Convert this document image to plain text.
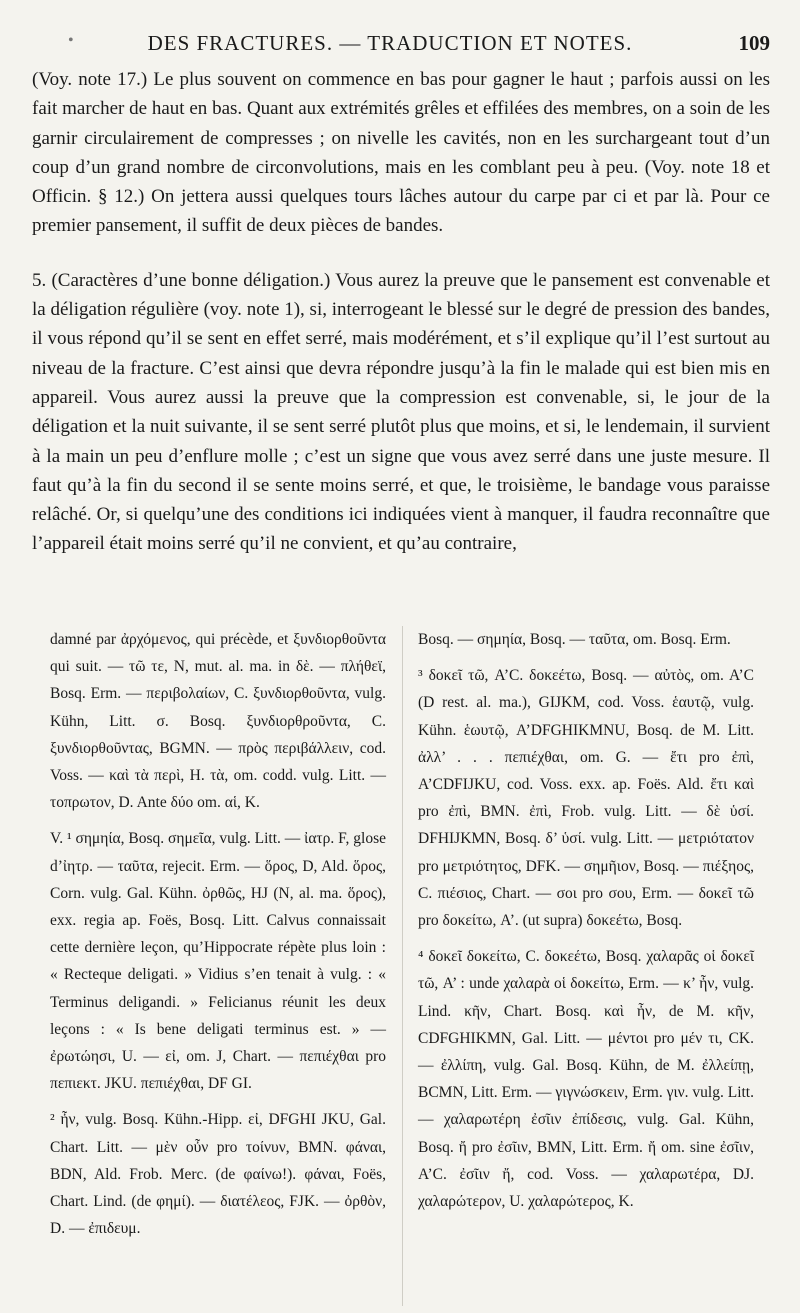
•	DES FRACTURES. — TRADUCTION ET NOTES.	109

(Voy. note 17.) Le plus souvent on commence en bas pour gagner le haut ; parfois aussi on les fait marcher de haut en bas. Quant aux extrémités grêles et effilées des membres, on a soin de les garnir circulairement de compresses ; on nivelle les cavités, non en les surchargeant tout d’un coup d’un grand nombre de circonvolutions, mais en les comblant peu à peu. (Voy. note 18 et Officin. § 12.) On jettera aussi quelques tours lâches autour du carpe par ci et par là. Pour ce premier pansement, il suffit de deux pièces de bandes.

5. (Caractères d’une bonne déligation.) Vous aurez la preuve que le pansement est convenable et la déligation régulière (voy. note 1), si, interrogeant le blessé sur le degré de pression des bandes, il vous répond qu’il se sent en effet serré, mais modérément, et s’il explique qu’il l’est surtout au niveau de la fracture. C’est ainsi que devra répondre jusqu’à la fin le malade qui est bien mis en appareil. Vous aurez aussi la preuve que la compression est convenable, si, le jour de la déligation et la nuit suivante, il se sent serré plutôt plus que moins, et si, le lendemain, il survient à la main un peu d’enflure molle ; c’est un signe que vous avez serré dans une juste mesure. Il faut qu’à la fin du second il se sente moins serré, et que, le troisième, le bandage vous paraisse relâché. Or, si quelqu’une des conditions ici indiquées vient à manquer, il faudra reconnaître que l’appareil était moins serré qu’il ne convient, et qu’au contraire,

damné par ἀρχόμενος, qui précède, et ξυνδιορθοῦντα qui suit. — τῶ τε, N, mut. al. ma. in δὲ. — πλήθεϊ, Bosq. Erm. — περιβολαίων, C. ξυνδιορθοῦντα, vulg. Kühn, Litt. σ. Bosq. ξυνδιορθροῦντα, C. ξυνδιορθοῦντας, BGMN. — πρὸς περιβάλλειν, cod. Voss. — καὶ τὰ περὶ, H. τὰ, om. codd. vulg. Litt. — τοπρωτον, D. Ante δύο om. αἱ, K.

V. ¹ σημηία, Bosq. σημεῖα, vulg. Litt. — ἰατρ. F, glose d’ἰητρ. — ταῦτα, rejecit. Erm. — ὅρος, D, Ald. ὅρος, Corn. vulg. Gal. Kühn. ὀρθῶς, HJ (N, al. ma. ὅρος), exx. regia ap. Foës, Bosq. Litt. Calvus connaissait cette dernière leçon, qu’Hippocrate répète plus loin : « Recteque deligati. » Vidius s’en tenait à vulg. : « Terminus deligandi. » Felicianus réunit les deux leçons : « Is bene deligati terminus est. » — ἐρωτώησι, U. — εἰ, om. J, Chart. — πεπιέχθαι pro πεπιεκτ. JKU. πεπιέχθαι, DF GI.

² ἦν, vulg. Bosq. Kühn.-Hipp. εἰ, DFGHI JKU, Gal. Chart. Litt. — μὲν οὖν pro τοίνυν, BMN. φάναι, BDN, Ald. Frob. Merc. (de φαίνω!). φάναι, Foës, Chart. Lind. (de φημί). — διατέλεος, FJK. — ὀρθὸν, D. — ἐπιδευμ.

Bosq. — σημηία, Bosq. — ταῦτα, om. Bosq. Erm.

³ δοκεῖ τῶ, A’C. δοκεέτω, Bosq. — αὐτὸς, om. A’C (D rest. al. ma.), GIJKM, cod. Voss. ἑαυτῷ, vulg. Kühn. ἑωυτῷ, A’DFGHIKMNU, Bosq. de M. Litt. ἀλλ’ . . . πεπιέχθαι, om. G. — ἔτι pro ἐπὶ, A’CDFIJKU, cod. Voss. exx. ap. Foës. Ald. ἔτι καὶ pro ἐπὶ, BMN. ἐπὶ, Frob. vulg. Litt. — δὲ ὑσί. DFHIJKMN, Bosq. δ’ ὑσί. vulg. Litt. — μετριότατον pro μετριότητος, DFK. — σημῆιον, Bosq. — πιέξηος, C. πιέσιος, Chart. — σοι pro σου, Erm. — δοκεῖ τῶ pro δοκείτω, A’. (ut supra) δοκεέτω, Bosq.

⁴ δοκεῖ δοκείτω, C. δοκεέτω, Bosq. χαλαρᾶς οἱ δοκεῖ τῶ, A’ : unde χαλαρὰ οἱ δοκείτω, Erm. — κ’ ἦν, vulg. Lind. κῆν, Chart. Bosq. καὶ ἦν, de M. κῆν, CDFGHIKMN, Gal. Litt. — μέντοι pro μέν τι, CK. — ἐλλίπη, vulg. Gal. Bosq. Kühn, de M. ἐλλείπῃ, BCMN, Litt. Erm. — γιγνώσκειν, Erm. γιν. vulg. Litt. — χαλαρωτέρη ἐσῖιν ἐπίδεσις, vulg. Gal. Kühn, Bosq. ἤ pro ἐσῖιν, BMN, Litt. Erm. ἤ om. sine ἐσῖιν, A’C. ἐσῖιν ἤ, cod. Voss. — χαλαρωτέρα, DJ. χαλαρώτερον, U. χαλαρώτερος, K.
